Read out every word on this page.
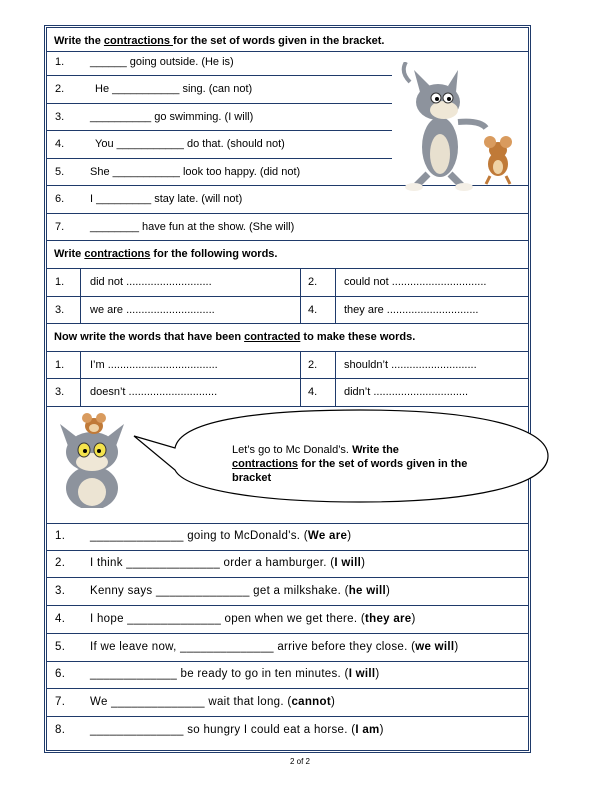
Write the contractions for the set of words given in the bracket.
1. ______ going outside. (He is)
2.	He ___________ sing. (can not)
3. __________ go swimming. (I will)
4.	You ___________ do that. (should not)
5. She ___________ look too happy. (did not)
6. I _________ stay late. (will not)
7. ________ have fun at the show. (She will)
Write contractions for the following words.
1. did not ............................	2. could not ...............................
3. we are .............................	4. they are ..............................
Now write the words that have been contracted to make these words.
1. I’m ....................................	2. shouldn’t ............................
3. doesn’t .............................	4. didn’t ...............................
Let’s go to Mc Donald’s. Write the
contractions for the set of words given in the bracket
1. ______________ going to McDonald's. (We are)
2. I think ______________ order a hamburger. (I will)
3. Kenny says ______________ get a milkshake. (he will)
4. I hope ______________ open when we get there. (they are)
5. If we leave now, ______________ arrive before they close. (we will)
6. _____________ be ready to go in ten minutes. (I will)
7. We ______________ wait that long. (cannot)
8. ______________ so hungry I could eat a horse. (I am)
2 of 2
